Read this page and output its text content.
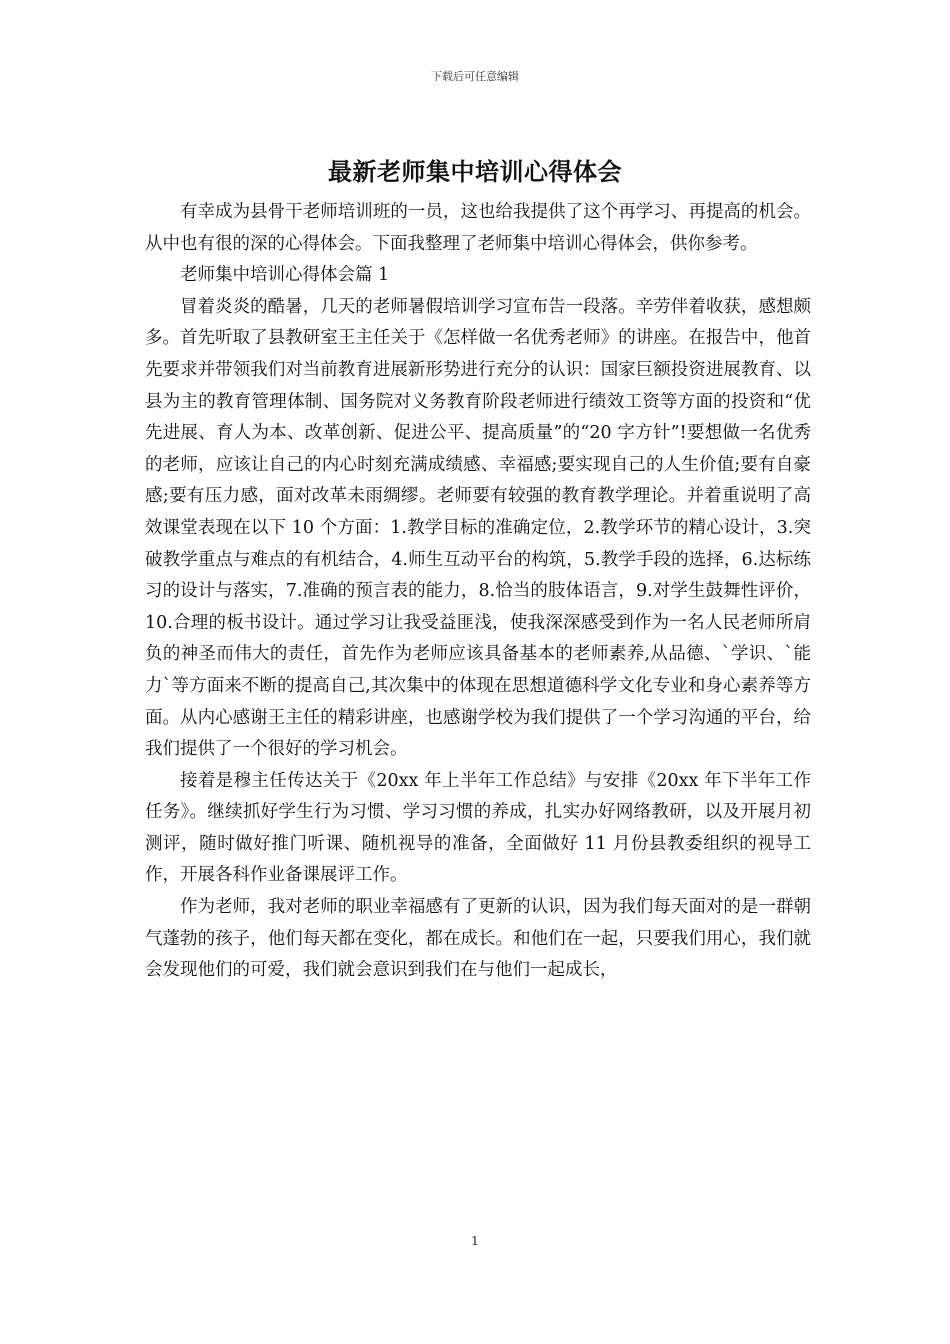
下载后可任意编辑
最新老师集中培训心得体会

有幸成为县骨干老师培训班的一员，这也给我提供了这个再学习、再提高的机会。从中也有很的深的心得体会。下面我整理了老师集中培训心得体会，供你参考。

老师集中培训心得体会篇 1

冒着炎炎的酷暑，几天的老师暑假培训学习宣布告一段落。辛劳伴着收获，感想颇多。首先听取了县教研室王主任关于《怎样做一名优秀老师》的讲座。在报告中，他首先要求并带领我们对当前教育进展新形势进行充分的认识：国家巨额投资进展教育、以县为主的教育管理体制、国务院对义务教育阶段老师进行绩效工资等方面的投资和“优先进展、育人为本、改革创新、促进公平、提高质量”的“20 字方针”!要想做一名优秀的老师，应该让自己的内心时刻充满成绩感、幸福感;要实现自己的人生价值;要有自豪感;要有压力感，面对改革未雨绸缪。老师要有较强的教育教学理论。并着重说明了高效课堂表现在以下 10 个方面：1.教学目标的准确定位，2.教学环节的精心设计，3.突破教学重点与难点的有机结合，4.师生互动平台的构筑，5.教学手段的选择，6.达标练习的设计与落实，7.准确的预言表的能力，8.恰当的肢体语言，9.对学生鼓舞性评价，10.合理的板书设计。通过学习让我受益匪浅，使我深深感受到作为一名人民老师所肩负的神圣而伟大的责任，首先作为老师应该具备基本的老师素养,从品德、`学识、`能力`等方面来不断的提高自己,其次集中的体现在思想道德科学文化专业和身心素养等方面。从内心感谢王主任的精彩讲座，也感谢学校为我们提供了一个学习沟通的平台，给我们提供了一个很好的学习机会。

接着是穆主任传达关于《20xx 年上半年工作总结》与安排《20xx 年下半年工作任务》。继续抓好学生行为习惯、学习习惯的养成，扎实办好网络教研，以及开展月初测评，随时做好推门听课、随机视导的准备，全面做好 11 月份县教委组织的视导工作，开展各科作业备课展评工作。

作为老师，我对老师的职业幸福感有了更新的认识，因为我们每天面对的是一群朝气蓬勃的孩子，他们每天都在变化，都在成长。和他们在一起，只要我们用心，我们就会发现他们的可爱，我们就会意识到我们在与他们一起成长，

1
